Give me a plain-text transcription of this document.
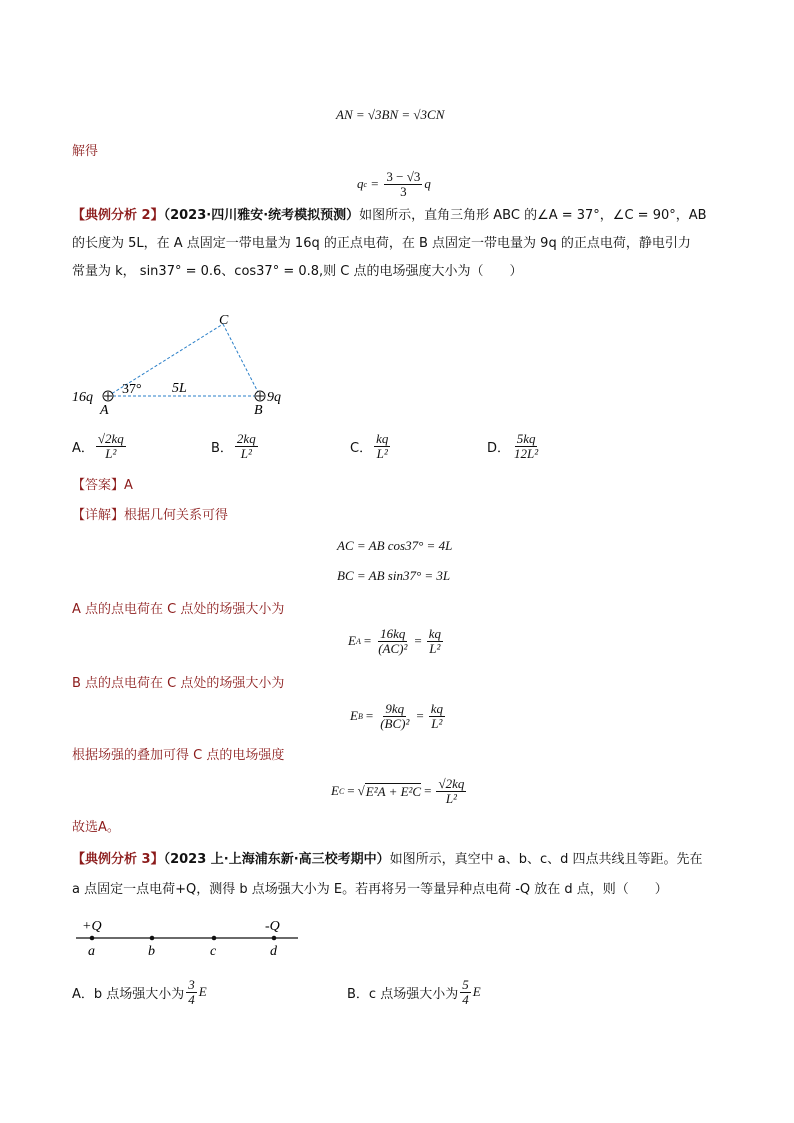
AN = √3BN = √3CN
解得
q $c = \frac{3 - √3}{3}$ q
【典例分析 2】（2023·四川雅安·统考模拟预测）如图所示，直角三角形 ABC 的∠A = 37°，∠C = 90°，AB
的长度为 5L，在 A 点固定一带电量为 16q 的正点电荷，在 B 点固定一带电量为 9q 的正点电荷，静电引力
常量为 k， sin37° = 0.6、cos37° = 0.8,则 C 点的电场强度大小为（　　）
C
A	B
16q	9q
37° 5L
A． $\frac{√2kq}{\text{L²}}$	B． $\frac{2kq}{\text{L²}}$	C． $\frac{kq}{\text{L²}}$	D． $\frac{5kq}{\text{12L²}}$
【答案】A
【详解】根据几何关系可得
AC = AB cos37° = 4L
BC = AB sin37° = 3L
A 点的点电荷在 C 点处的场强大小为
E $A = \frac{16kq}{\text{(AC)²}} = \frac{kq}{\text{L²}}$
B 点的点电荷在 C 点处的场强大小为
E $B = \frac{9kq}{\text{(BC)²}} = \frac{kq}{\text{L²}}$
根据场强的叠加可得 C 点的电场强度
E C = √ $E^2A + E^2C = \frac{√2kq}{\text{L²}}$
故选A。
【典例分析 3】（2023 上·上海浦东新·高三校考期中）如图所示，真空中 a、b、c、d 四点共线且等距。先在
a 点固定一点电荷+Q，测得 b 点场强大小为 E。若再将另一等量异种点电荷 -Q 放在 d 点，则（　　）
+Q	-Q
a	b	c	d
A． b 点场强大小为 $\frac{3}{4}$ E	B． c 点场强大小为 $\frac{5}{4}$ E
